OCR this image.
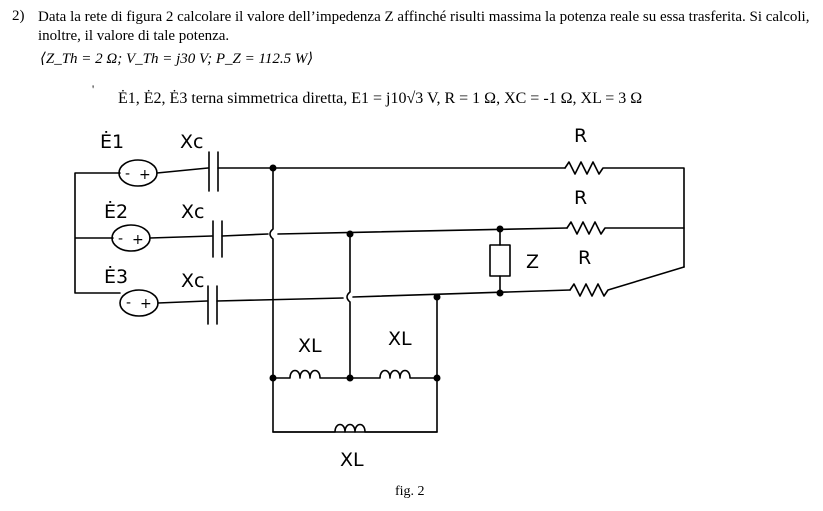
2) Data la rete di figura 2 calcolare il valore dell’impedenza Z affinché risulti massima la potenza reale su essa trasferita. Si calcoli, inoltre, il valore di tale potenza.

⟨Z_Th = 2 Ω; V_Th = j30 V; P_Z = 112.5 W⟩
'
Ė1, Ė2, Ė3 terna simmetrica diretta, E1 = j10√3 V, R = 1 Ω, XC = -1 Ω, XL = 3 Ω
- +
- +
- +
Ė1
Ė2
Ė3
Xc
Xc
Xc
R
R
R
XL	XL
XL
Z
fig. 2
